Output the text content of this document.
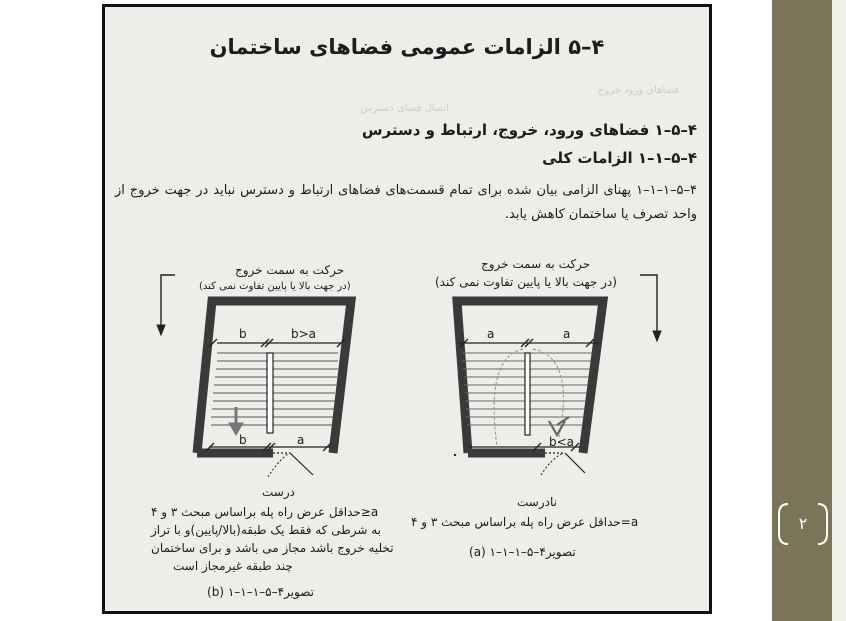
۲
فضاهای ورود خروج
اتصال فضای دسترس
۴–۵ الزامات عمومی فضاهای ساختمان
۴–۵–۱ فضاهای ورود، خروج، ارتباط و دسترس
۴–۵–۱–۱ الزامات کلی
۴–۵–۱–۱–۱ پهنای الزامی بیان شده برای تمام قسمت‌های فضاهای ارتباط و دسترس نباید در جهت خروج از واحد تصرف یا ساختمان کاهش یابد.
حرکت به سمت خروج
(در جهت بالا یا پایین تفاوت نمی کند)
b	b>a
b	a
درست
a≤حداقل عرض راه پله براساس مبحث ۳ و ۴
به شرطی که فقط یک طبقه(بالا/پایین)و با تراز
تخلیه خروج باشد مجاز می باشد و برای ساختمان
چند طبقه غیرمجاز است
تصویر۴–۵–۱–۱–۱ (b)
حرکت به سمت خروج
(در جهت بالا یا پایین تفاوت نمی کند)
a	a
b<a
نادرست
a=حداقل عرض راه پله براساس مبحث ۳ و ۴
تصویر۴–۵–۱–۱–۱ (a)
